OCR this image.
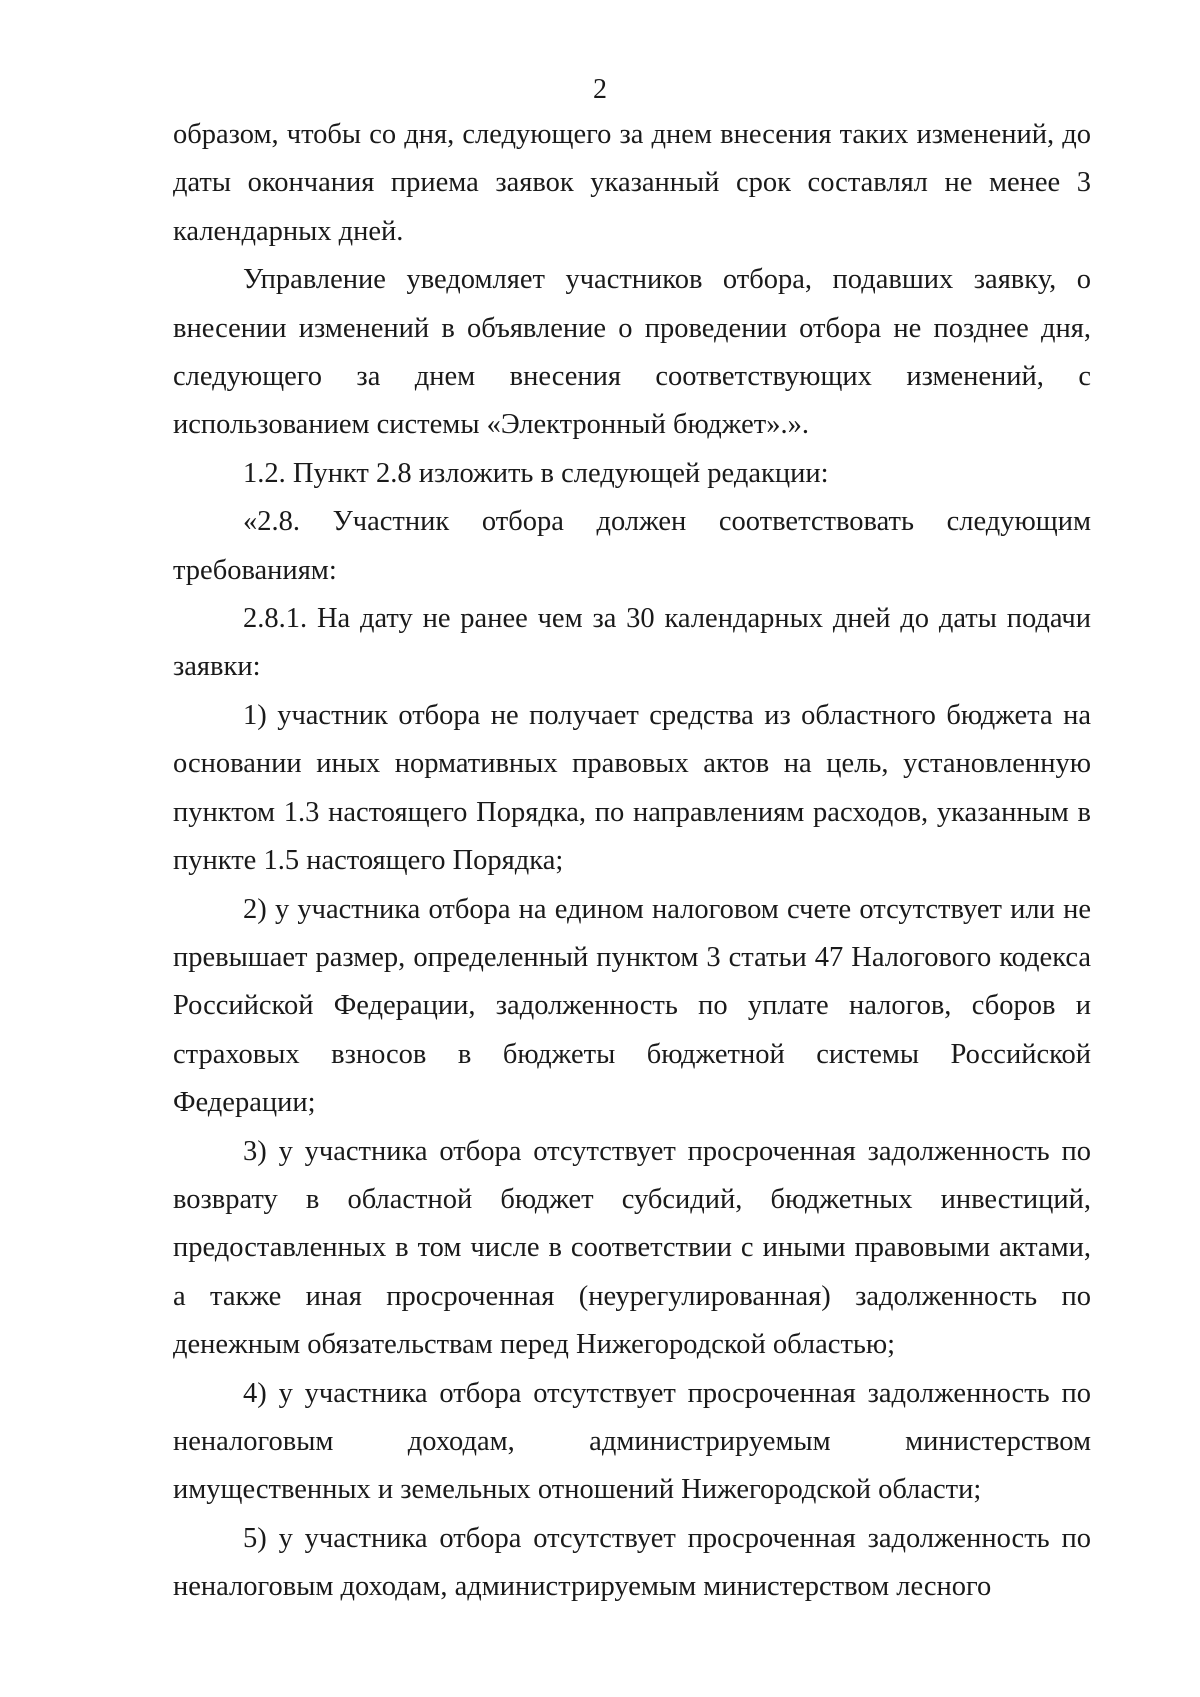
2

образом, чтобы со дня, следующего за днем внесения таких изменений, до даты окончания приема заявок указанный срок составлял не менее 3 календарных дней.

Управление уведомляет участников отбора, подавших заявку, о внесении изменений в объявление о проведении отбора не позднее дня, следующего за днем внесения соответствующих изменений, с использованием системы «Электронный бюджет».».

1.2. Пункт 2.8 изложить в следующей редакции:

«2.8. Участник отбора должен соответствовать следующим требованиям:

2.8.1. На дату не ранее чем за 30 календарных дней до даты подачи заявки:

1) участник отбора не получает средства из областного бюджета на основании иных нормативных правовых актов на цель, установленную пунктом 1.3 настоящего Порядка, по направлениям расходов, указанным в пункте 1.5 настоящего Порядка;

2) у участника отбора на едином налоговом счете отсутствует или не превышает размер, определенный пунктом 3 статьи 47 Налогового кодекса Российской Федерации, задолженность по уплате налогов, сборов и страховых взносов в бюджеты бюджетной системы Российской Федерации;

3) у участника отбора отсутствует просроченная задолженность по возврату в областной бюджет субсидий, бюджетных инвестиций, предоставленных в том числе в соответствии с иными правовыми актами, а также иная просроченная (неурегулированная) задолженность по денежным обязательствам перед Нижегородской областью;

4) у участника отбора отсутствует просроченная задолженность по неналоговым доходам, администрируемым министерством имущественных и земельных отношений Нижегородской области;

5) у участника отбора отсутствует просроченная задолженность по неналоговым доходам, администрируемым министерством лесного
